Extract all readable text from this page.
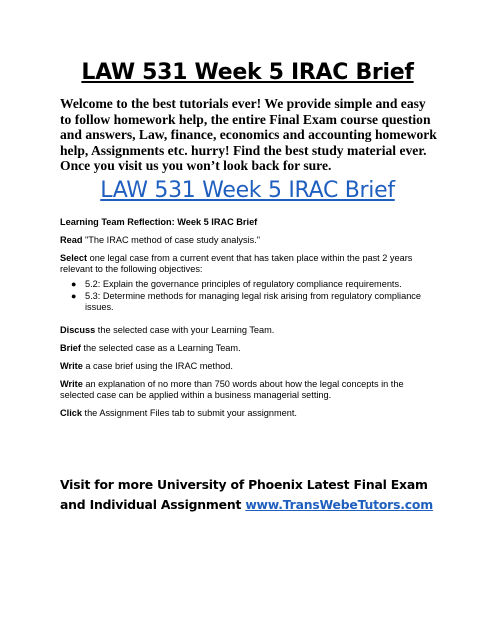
LAW 531 Week 5 IRAC Brief
Welcome to the best tutorials ever! We provide simple and easy to follow homework help, the entire Final Exam course question and answers, Law, finance, economics and accounting homework help, Assignments etc. hurry! Find the best study material ever. Once you visit us you won’t look back for sure.
LAW 531 Week 5 IRAC Brief

Learning Team Reflection: Week 5 IRAC Brief

Read "The IRAC method of case study analysis."

Select one legal case from a current event that has taken place within the past 2 years relevant to the following objectives:

● 5.2: Explain the governance principles of regulatory compliance requirements.
● 5.3: Determine methods for managing legal risk arising from regulatory compliance issues.

Discuss the selected case with your Learning Team.

Brief the selected case as a Learning Team.

Write a case brief using the IRAC method.

Write an explanation of no more than 750 words about how the legal concepts in the selected case can be applied within a business managerial setting.

Click the Assignment Files tab to submit your assignment.

Visit for more University of Phoenix Latest Final Exam and Individual Assignment www.TransWebeTutors.com
